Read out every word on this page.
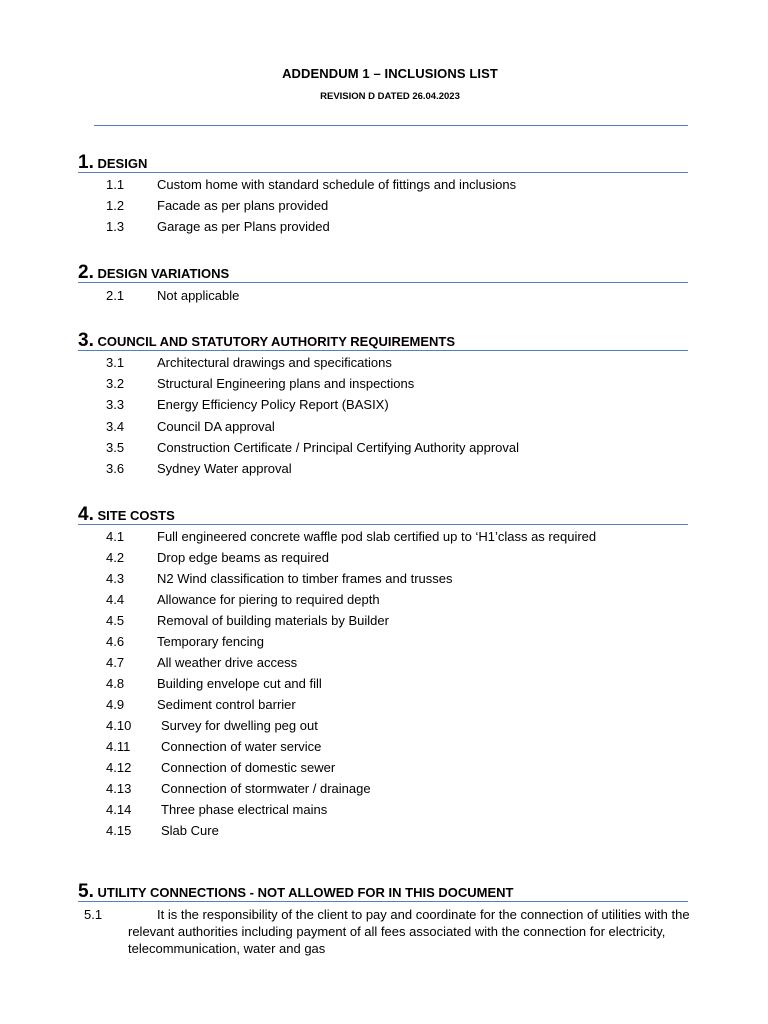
ADDENDUM 1 – INCLUSIONS LIST
REVISION D DATED 26.04.2023
1. DESIGN
1.1	Custom home with standard schedule of fittings and inclusions
1.2	Facade as per plans provided
1.3	Garage as per Plans provided
2. DESIGN VARIATIONS
2.1	Not applicable
3. COUNCIL AND STATUTORY AUTHORITY REQUIREMENTS
3.1	Architectural drawings and specifications
3.2	Structural Engineering plans and inspections
3.3	Energy Efficiency Policy Report (BASIX)
3.4	Council DA approval
3.5	Construction Certificate / Principal Certifying Authority approval
3.6	Sydney Water approval
4. SITE COSTS
4.1	Full engineered concrete waffle pod slab certified up to ‘H1’class as required
4.2	Drop edge beams as required
4.3	N2 Wind classification to timber frames and trusses
4.4	Allowance for piering to required depth
4.5	Removal of building materials by Builder
4.6	Temporary fencing
4.7	All weather drive access
4.8	Building envelope cut and fill
4.9	Sediment control barrier
4.10 Survey for dwelling peg out
4.11 Connection of water service
4.12 Connection of domestic sewer
4.13 Connection of stormwater / drainage
4.14 Three phase electrical mains
4.15 Slab Cure
5. UTILITY CONNECTIONS - NOT ALLOWED FOR IN THIS DOCUMENT
5.1	It is the responsibility of the client to pay and coordinate for the connection of utilities with the relevant authorities including payment of all fees associated with the connection for electricity, telecommunication, water and gas
